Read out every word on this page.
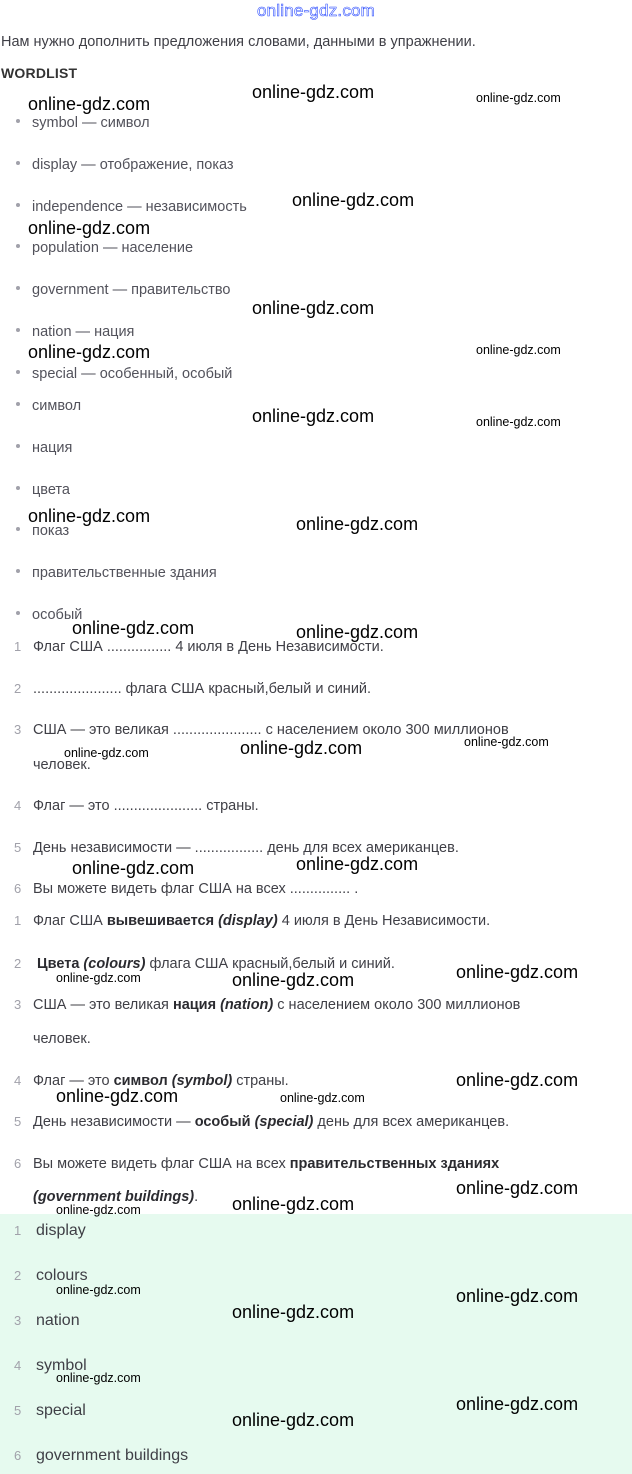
online-gdz.com
Нам нужно дополнить предложения словами, данными в упражнении.
WORDLIST
symbol — символ
display — отображение, показ
independence — независимость
population — население
government — правительство
nation — нация
special — особенный, особый
символ
нация
цвета
показ
правительственные здания
особый
1 Флаг США ................ 4 июля в День Независимости.
2 ...................... флага США красный,белый и синий.
3 США — это великая ...................... с населением около 300 миллионов
человек.
4 Флаг — это ...................... страны.
5 День независимости — ................. день для всех американцев.
6 Вы можете видеть флаг США на всех ............... .
1 Флаг США вывешивается (display) 4 июля в День Независимости.
2 Цвета (colours) флага США красный,белый и синий.
3 США — это великая нация (nation) с населением около 300 миллионов
человек.
4 Флаг — это символ (symbol) страны.
5 День независимости — особый (special) день для всех американцев.
6 Вы можете видеть флаг США на всех правительственных зданиях
(government buildings).
1 display
2 colours
3 nation
4 symbol
5 special
6 government buildings
online-gdz.com
online-gdz.com	online-gdz.com
online-gdz.com
online-gdz.com
online-gdz.com
online-gdz.com	online-gdz.com
online-gdz.com	online-gdz.com
online-gdz.com	online-gdz.com
online-gdz.com	online-gdz.com
online-gdz.com	online-gdz.com	online-gdz.com
online-gdz.com	online-gdz.com
online-gdz.com	online-gdz.com	online-gdz.com
online-gdz.com
online-gdz.com	online-gdz.com
online-gdz.com
online-gdz.com
online-gdz.com
online-gdz.com	online-gdz.com
online-gdz.com
online-gdz.com
online-gdz.com
online-gdz.com
